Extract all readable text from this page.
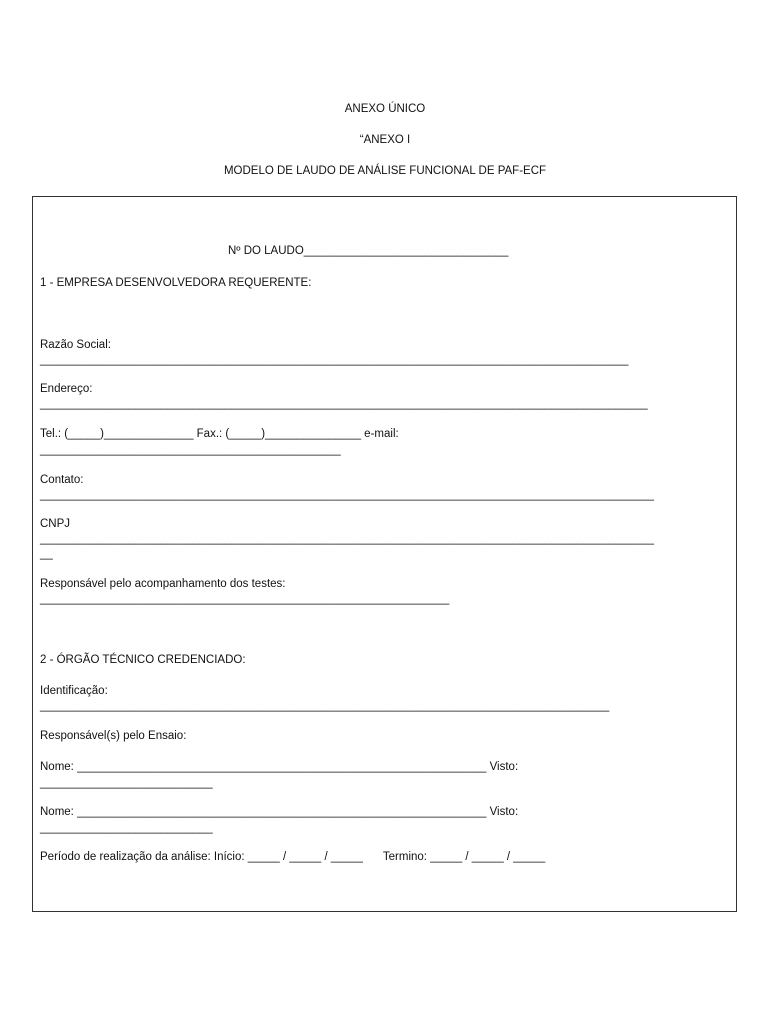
ANEXO ÚNICO
“ANEXO I
MODELO DE LAUDO DE ANÁLISE FUNCIONAL DE PAF-ECF
Nº DO LAUDO________________________________
1 - EMPRESA DESENVOLVEDORA REQUERENTE:
Razão Social:
____________________________________________________________________________________________
Endereço:
_______________________________________________________________________________________________
Tel.: (_____)______________ Fax.: (_____)_______________ e-mail:
_______________________________________________
Contato:
________________________________________________________________________________________________
CNPJ
________________________________________________________________________________________________
__
Responsável pelo acompanhamento dos testes:
________________________________________________________________
2 - ÓRGÃO TÉCNICO CREDENCIADO:
Identificação:
_________________________________________________________________________________________
Responsável(s) pelo Ensaio:
Nome: ________________________________________________________________ Visto:
___________________________
Nome: ________________________________________________________________ Visto:
___________________________
Período de realização da análise: Início: _____ / _____ / _____ Termino: _____ / _____ / _____
